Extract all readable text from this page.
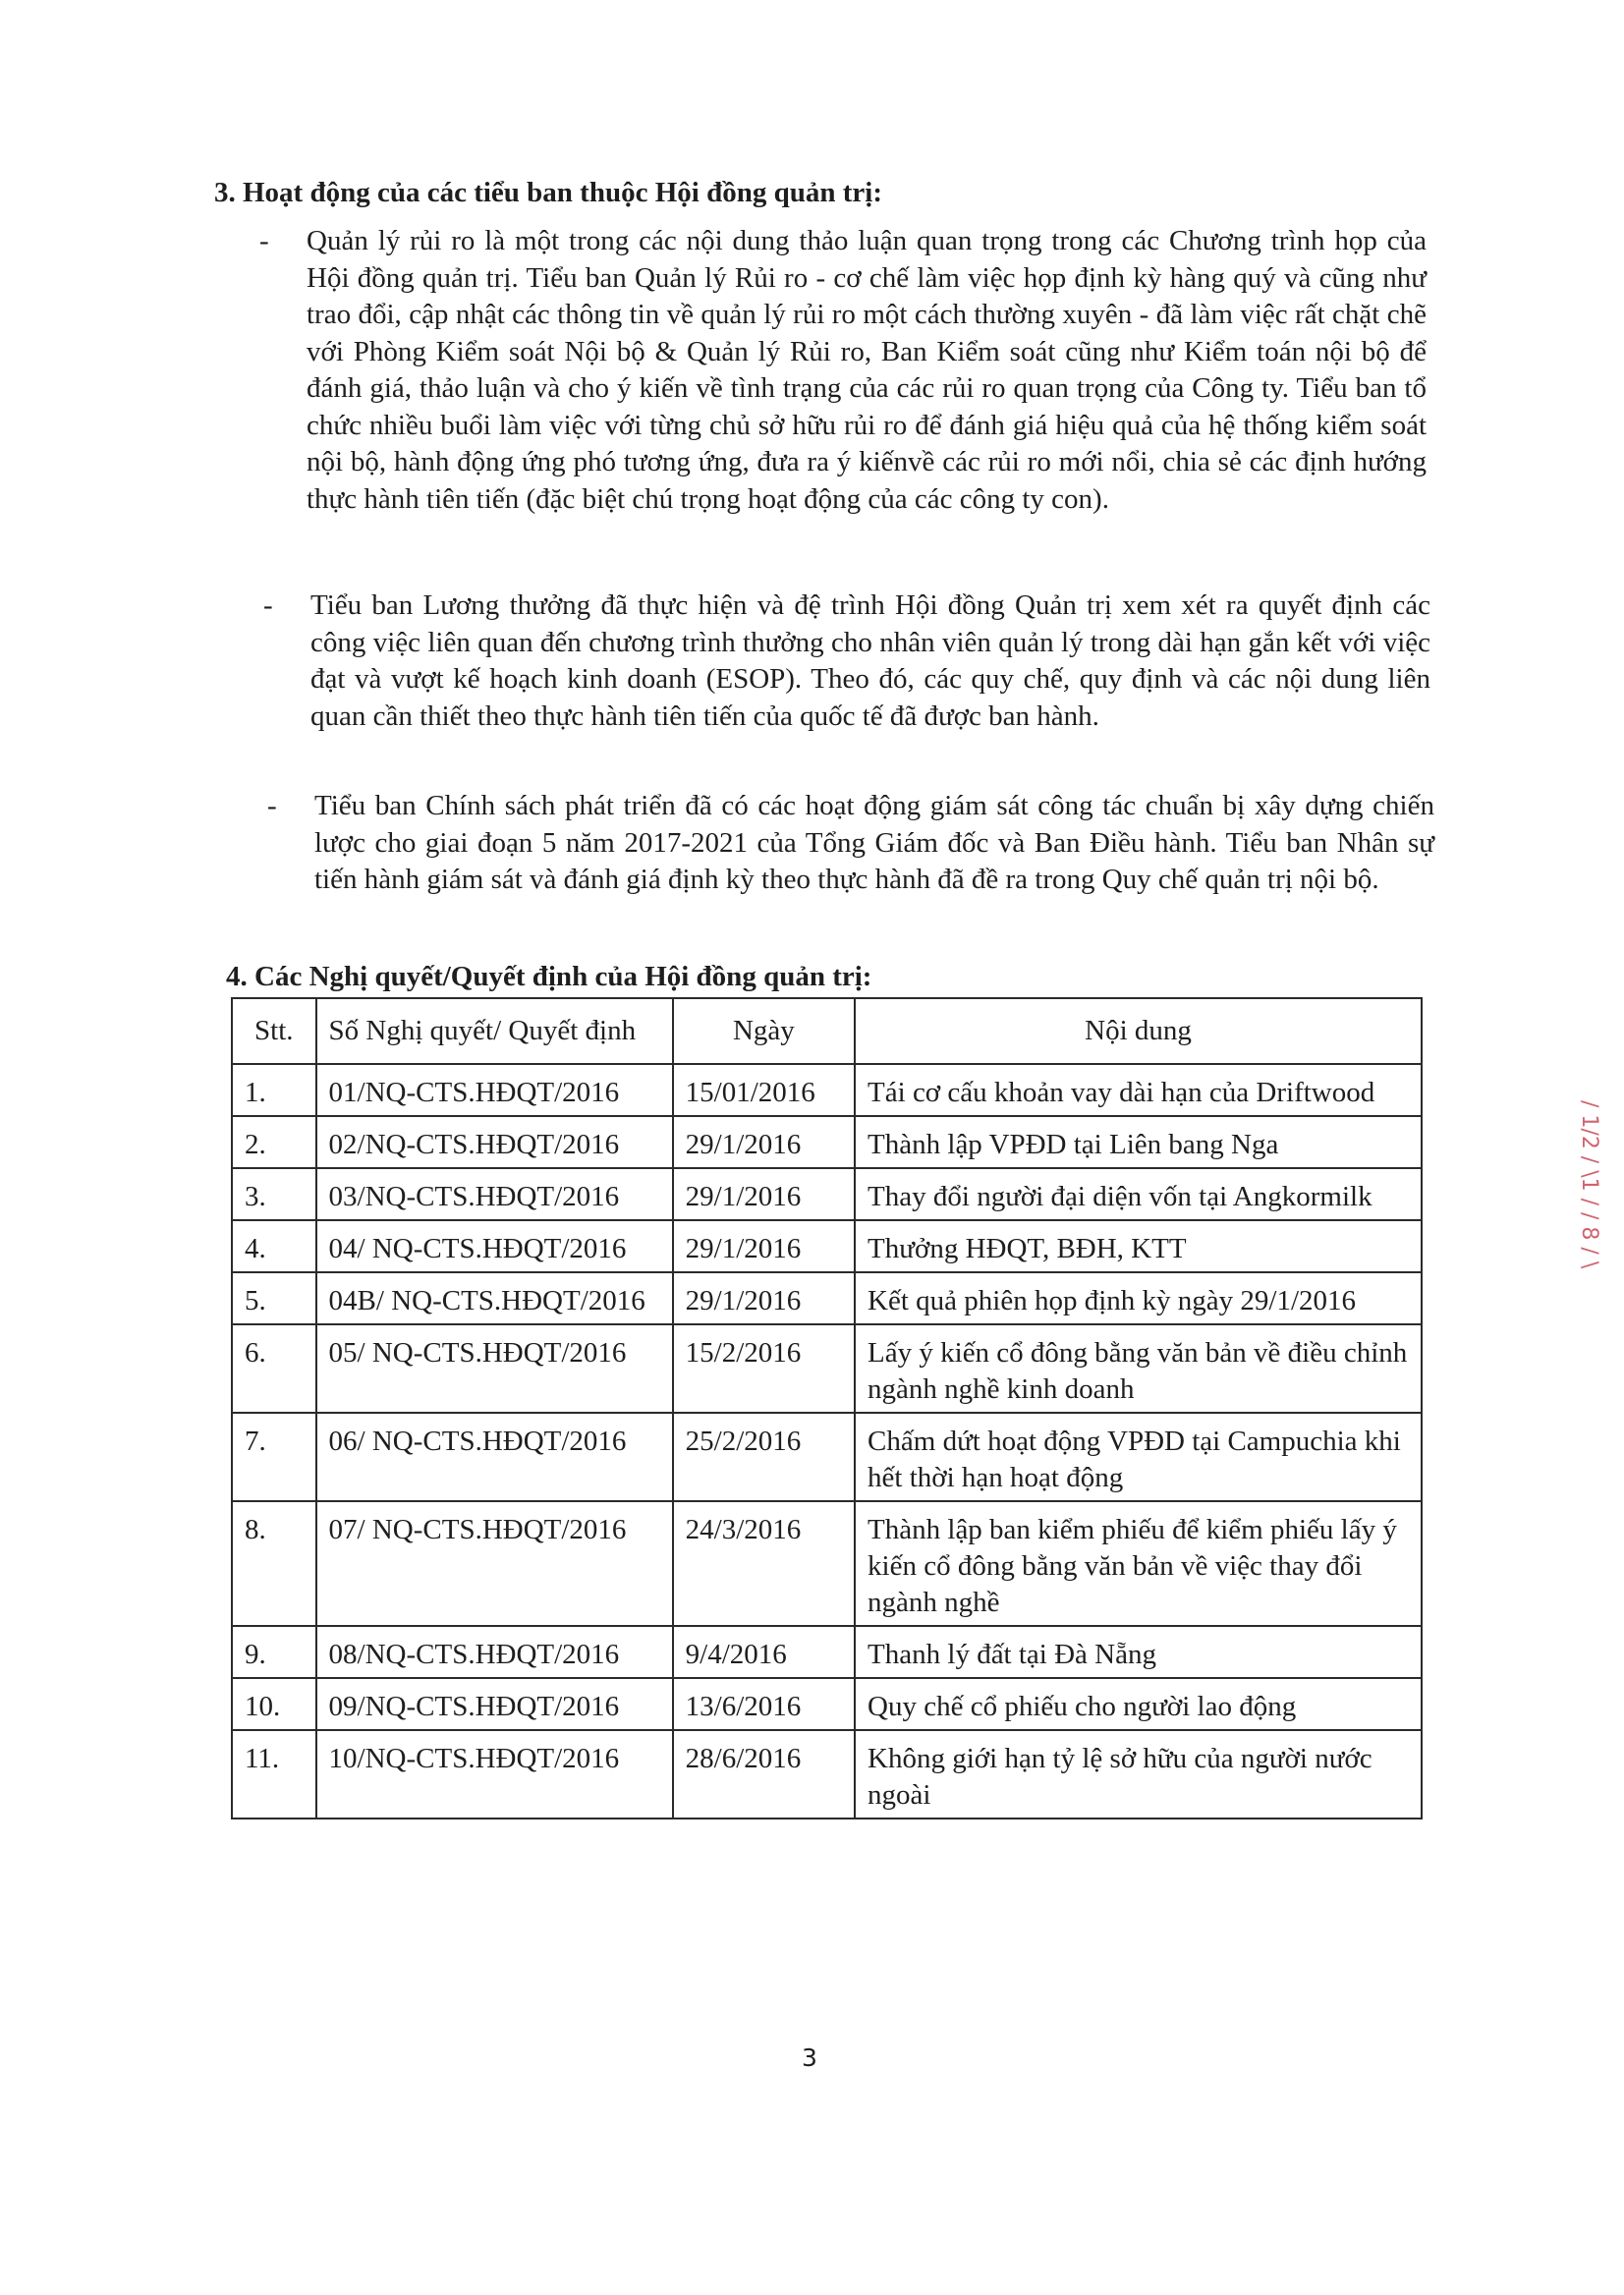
3. Hoạt động của các tiểu ban thuộc Hội đồng quản trị:
- Quản lý rủi ro là một trong các nội dung thảo luận quan trọng trong các Chương trình họp của Hội đồng quản trị. Tiểu ban Quản lý Rủi ro - cơ chế làm việc họp định kỳ hàng quý và cũng như trao đổi, cập nhật các thông tin về quản lý rủi ro một cách thường xuyên - đã làm việc rất chặt chẽ với Phòng Kiểm soát Nội bộ & Quản lý Rủi ro, Ban Kiểm soát cũng như Kiểm toán nội bộ để đánh giá, thảo luận và cho ý kiến về tình trạng của các rủi ro quan trọng của Công ty. Tiểu ban tổ chức nhiều buổi làm việc với từng chủ sở hữu rủi ro để đánh giá hiệu quả của hệ thống kiểm soát nội bộ, hành động ứng phó tương ứng, đưa ra ý kiếnvề các rủi ro mới nổi, chia sẻ các định hướng thực hành tiên tiến (đặc biệt chú trọng hoạt động của các công ty con).
- Tiểu ban Lương thưởng đã thực hiện và đệ trình Hội đồng Quản trị xem xét ra quyết định các công việc liên quan đến chương trình thưởng cho nhân viên quản lý trong dài hạn gắn kết với việc đạt và vượt kế hoạch kinh doanh (ESOP). Theo đó, các quy chế, quy định và các nội dung liên quan cần thiết theo thực hành tiên tiến của quốc tế đã được ban hành.
- Tiểu ban Chính sách phát triển đã có các hoạt động giám sát công tác chuẩn bị xây dựng chiến lược cho giai đoạn 5 năm 2017-2021 của Tổng Giám đốc và Ban Điều hành. Tiểu ban Nhân sự tiến hành giám sát và đánh giá định kỳ theo thực hành đã đề ra trong Quy chế quản trị nội bộ.
4. Các Nghị quyết/Quyết định của Hội đồng quản trị:
Stt.	Số Nghị quyết/ Quyết định	Ngày	Nội dung
1.	01/NQ-CTS.HĐQT/2016	15/01/2016	Tái cơ cấu khoản vay dài hạn của Driftwood
2.	02/NQ-CTS.HĐQT/2016	29/1/2016	Thành lập VPĐD tại Liên bang Nga
3.	03/NQ-CTS.HĐQT/2016	29/1/2016	Thay đổi người đại diện vốn tại Angkormilk
4.	04/ NQ-CTS.HĐQT/2016	29/1/2016	Thưởng HĐQT, BĐH, KTT
5.	04B/ NQ-CTS.HĐQT/2016	29/1/2016	Kết quả phiên họp định kỳ ngày 29/1/2016
6.	05/ NQ-CTS.HĐQT/2016	15/2/2016	Lấy ý kiến cổ đông bằng văn bản về điều chỉnh ngành nghề kinh doanh
7.	06/ NQ-CTS.HĐQT/2016	25/2/2016	Chấm dứt hoạt động VPĐD tại Campuchia khi hết thời hạn hoạt động
8.	07/ NQ-CTS.HĐQT/2016	24/3/2016	Thành lập ban kiểm phiếu để kiểm phiếu lấy ý kiến cổ đông bằng văn bản về việc thay đổi ngành nghề
9.	08/NQ-CTS.HĐQT/2016	9/4/2016	Thanh lý đất tại Đà Nẵng
10.	09/NQ-CTS.HĐQT/2016	13/6/2016	Quy chế cổ phiếu cho người lao động
11.	10/NQ-CTS.HĐQT/2016	28/6/2016	Không giới hạn tỷ lệ sở hữu của người nước ngoài
3
/ 1/2 / \1 / / 8 / \
